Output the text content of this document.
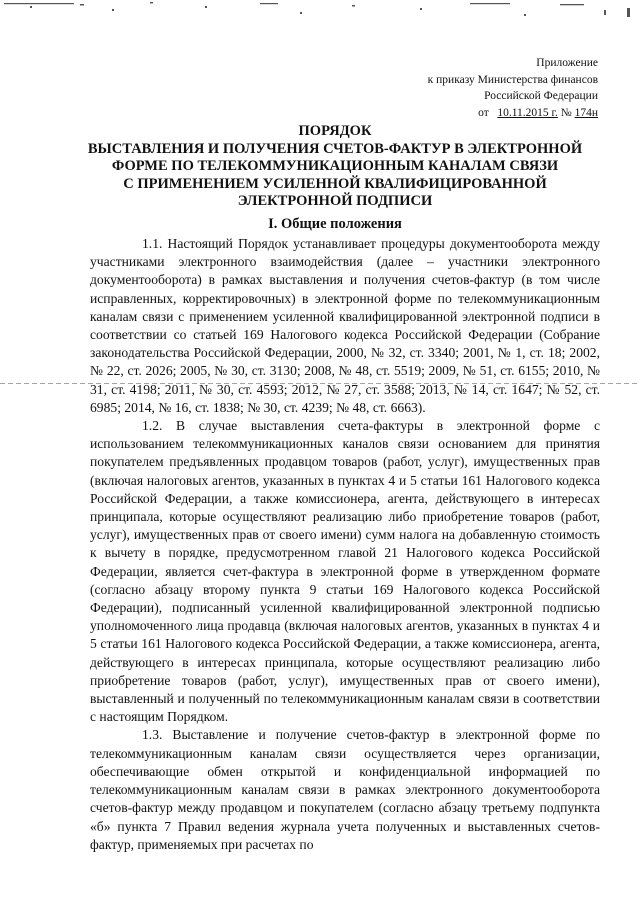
Приложение
к приказу Министерства финансов
Российской Федерации
от 10.11.2015 г. № 174н
ПОРЯДОК
ВЫСТАВЛЕНИЯ И ПОЛУЧЕНИЯ СЧЕТОВ-ФАКТУР В ЭЛЕКТРОННОЙ
ФОРМЕ ПО ТЕЛЕКОММУНИКАЦИОННЫМ КАНАЛАМ СВЯЗИ
С ПРИМЕНЕНИЕМ УСИЛЕННОЙ КВАЛИФИЦИРОВАННОЙ
ЭЛЕКТРОННОЙ ПОДПИСИ
I. Общие положения

1.1. Настоящий Порядок устанавливает процедуры документооборота между участниками электронного взаимодействия (далее – участники электронного документооборота) в рамках выставления и получения счетов-фактур (в том числе исправленных, корректировочных) в электронной форме по телекоммуникационным каналам связи с применением усиленной квалифицированной электронной подписи в соответствии со статьей 169 Налогового кодекса Российской Федерации (Собрание законодательства Российской Федерации, 2000, № 32, ст. 3340; 2001, № 1, ст. 18; 2002, № 22, ст. 2026; 2005, № 30, ст. 3130; 2008, № 48, ст. 5519; 2009, № 51, ст. 6155; 2010, № 31, ст. 4198; 2011, № 30, ст. 4593; 2012, № 27, ст. 3588; 2013, № 14, ст. 1647; № 52, ст. 6985; 2014, № 16, ст. 1838; № 30, ст. 4239; № 48, ст. 6663).

1.2. В случае выставления счета-фактуры в электронной форме с использованием телекоммуникационных каналов связи основанием для принятия покупателем предъявленных продавцом товаров (работ, услуг), имущественных прав (включая налоговых агентов, указанных в пунктах 4 и 5 статьи 161 Налогового кодекса Российской Федерации, а также комиссионера, агента, действующего в интересах принципала, которые осуществляют реализацию либо приобретение товаров (работ, услуг), имущественных прав от своего имени) сумм налога на добавленную стоимость к вычету в порядке, предусмотренном главой 21 Налогового кодекса Российской Федерации, является счет-фактура в электронной форме в утвержденном формате (согласно абзацу второму пункта 9 статьи 169 Налогового кодекса Российской Федерации), подписанный усиленной квалифицированной электронной подписью уполномоченного лица продавца (включая налоговых агентов, указанных в пунктах 4 и 5 статьи 161 Налогового кодекса Российской Федерации, а также комиссионера, агента, действующего в интересах принципала, которые осуществляют реализацию либо приобретение товаров (работ, услуг), имущественных прав от своего имени), выставленный и полученный по телекоммуникационным каналам связи в соответствии с настоящим Порядком.

1.3. Выставление и получение счетов-фактур в электронной форме по телекоммуникационным каналам связи осуществляется через организации, обеспечивающие обмен открытой и конфиденциальной информацией по телекоммуникационным каналам связи в рамках электронного документооборота счетов-фактур между продавцом и покупателем (согласно абзацу третьему подпункта «б» пункта 7 Правил ведения журнала учета полученных и выставленных счетов-фактур, применяемых при расчетах по
